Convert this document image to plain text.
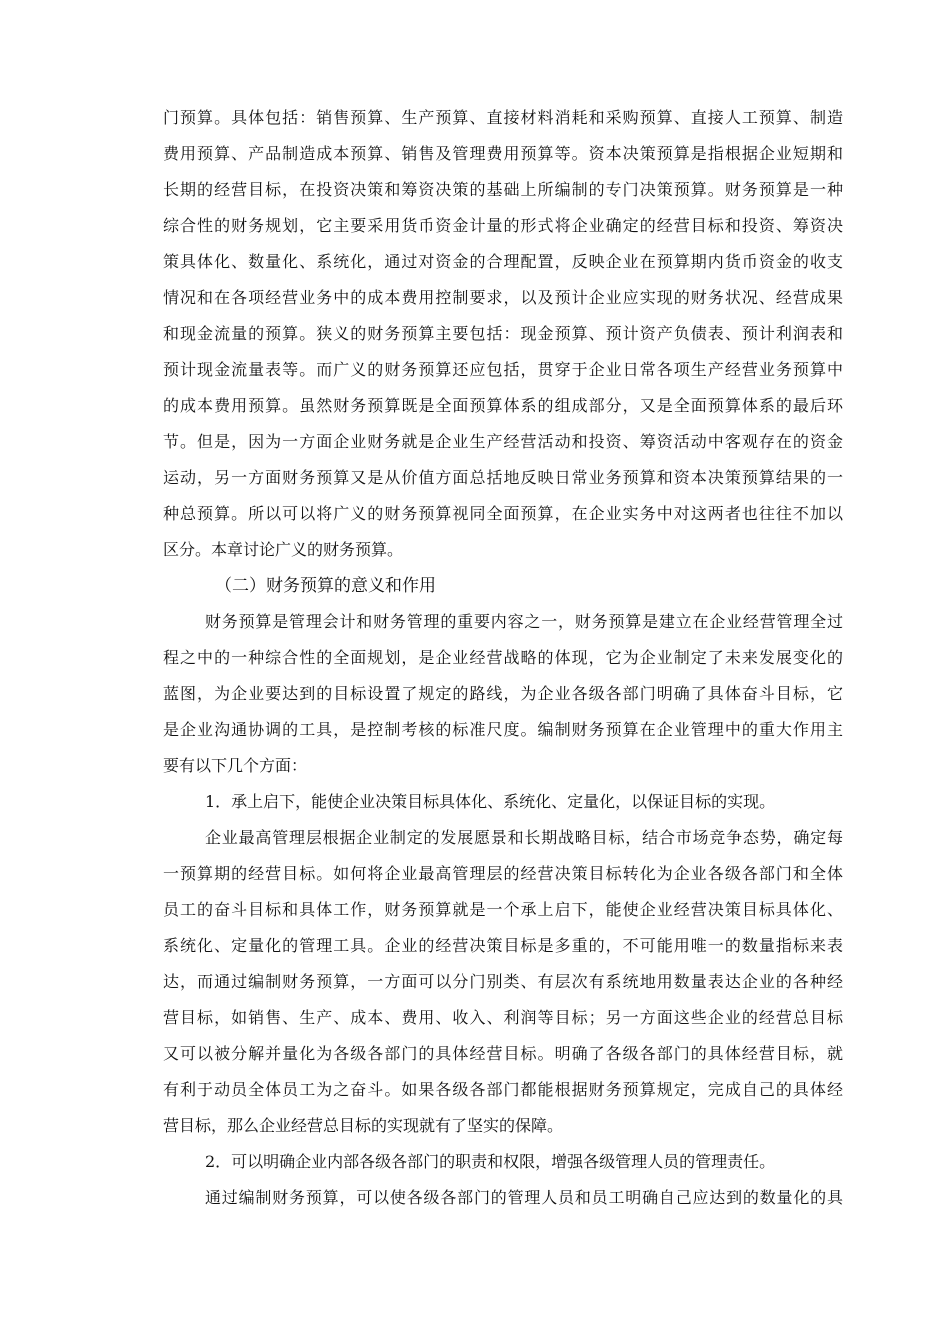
门预算。具体包括：销售预算、生产预算、直接材料消耗和采购预算、直接人工预算、制造
费用预算、产品制造成本预算、销售及管理费用预算等。资本决策预算是指根据企业短期和
长期的经营目标，在投资决策和筹资决策的基础上所编制的专门决策预算。财务预算是一种
综合性的财务规划，它主要采用货币资金计量的形式将企业确定的经营目标和投资、筹资决
策具体化、数量化、系统化，通过对资金的合理配置，反映企业在预算期内货币资金的收支
情况和在各项经营业务中的成本费用控制要求，以及预计企业应实现的财务状况、经营成果
和现金流量的预算。狭义的财务预算主要包括：现金预算、预计资产负债表、预计利润表和
预计现金流量表等。而广义的财务预算还应包括，贯穿于企业日常各项生产经营业务预算中
的成本费用预算。虽然财务预算既是全面预算体系的组成部分，又是全面预算体系的最后环
节。但是，因为一方面企业财务就是企业生产经营活动和投资、筹资活动中客观存在的资金
运动，另一方面财务预算又是从价值方面总括地反映日常业务预算和资本决策预算结果的一
种总预算。所以可以将广义的财务预算视同全面预算，在企业实务中对这两者也往往不加以
区分。本章讨论广义的财务预算。
（二）财务预算的意义和作用
财务预算是管理会计和财务管理的重要内容之一，财务预算是建立在企业经营管理全过
程之中的一种综合性的全面规划，是企业经营战略的体现，它为企业制定了未来发展变化的
蓝图，为企业要达到的目标设置了规定的路线，为企业各级各部门明确了具体奋斗目标，它
是企业沟通协调的工具，是控制考核的标准尺度。编制财务预算在企业管理中的重大作用主
要有以下几个方面：
1．承上启下，能使企业决策目标具体化、系统化、定量化，以保证目标的实现。
企业最高管理层根据企业制定的发展愿景和长期战略目标，结合市场竞争态势，确定每
一预算期的经营目标。如何将企业最高管理层的经营决策目标转化为企业各级各部门和全体
员工的奋斗目标和具体工作，财务预算就是一个承上启下，能使企业经营决策目标具体化、
系统化、定量化的管理工具。企业的经营决策目标是多重的，不可能用唯一的数量指标来表
达，而通过编制财务预算，一方面可以分门别类、有层次有系统地用数量表达企业的各种经
营目标，如销售、生产、成本、费用、收入、利润等目标；另一方面这些企业的经营总目标
又可以被分解并量化为各级各部门的具体经营目标。明确了各级各部门的具体经营目标，就
有利于动员全体员工为之奋斗。如果各级各部门都能根据财务预算规定，完成自己的具体经
营目标，那么企业经营总目标的实现就有了坚实的保障。
2．可以明确企业内部各级各部门的职责和权限，增强各级管理人员的管理责任。
通过编制财务预算，可以使各级各部门的管理人员和员工明确自己应达到的数量化的具
